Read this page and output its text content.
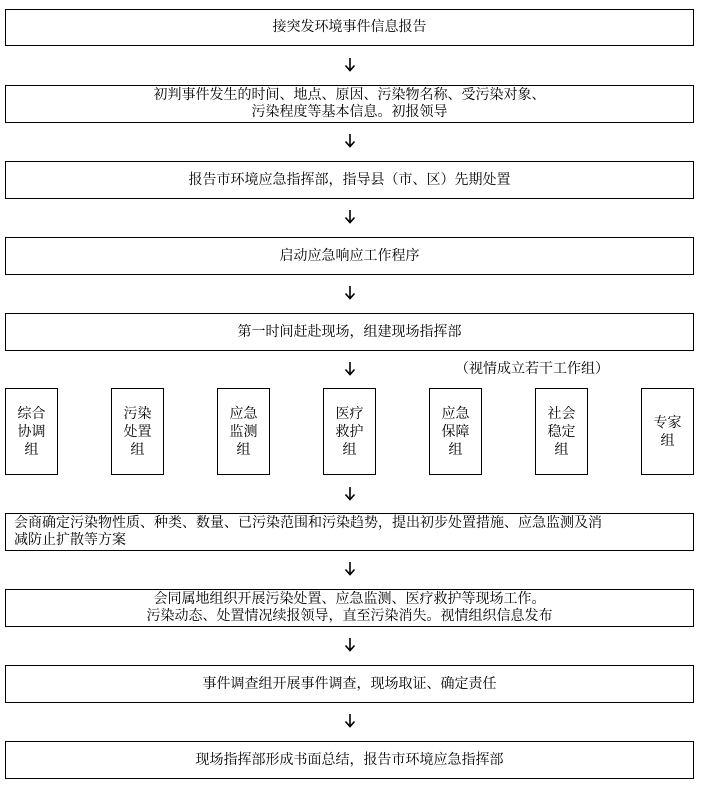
接突发环境事件信息报告
初判事件发生的时间、地点、原因、污染物名称、受污染对象、
污染程度等基本信息。初报领导
报告市环境应急指挥部，指导县（市、区）先期处置
启动应急响应工作程序
第一时间赶赴现场，组建现场指挥部
（视情成立若干工作组）
综合协调组
污染处置组
应急监测组
医疗救护组
应急保障组
社会稳定组
专家组
会商确定污染物性质、种类、数量、已污染范围和污染趋势，提出初步处置措施、应急监测及消
减防止扩散等方案
会同属地组织开展污染处置、应急监测、医疗救护等现场工作。
污染动态、处置情况续报领导，直至污染消失。视情组织信息发布
事件调查组开展事件调查，现场取证、确定责任
现场指挥部形成书面总结，报告市环境应急指挥部
